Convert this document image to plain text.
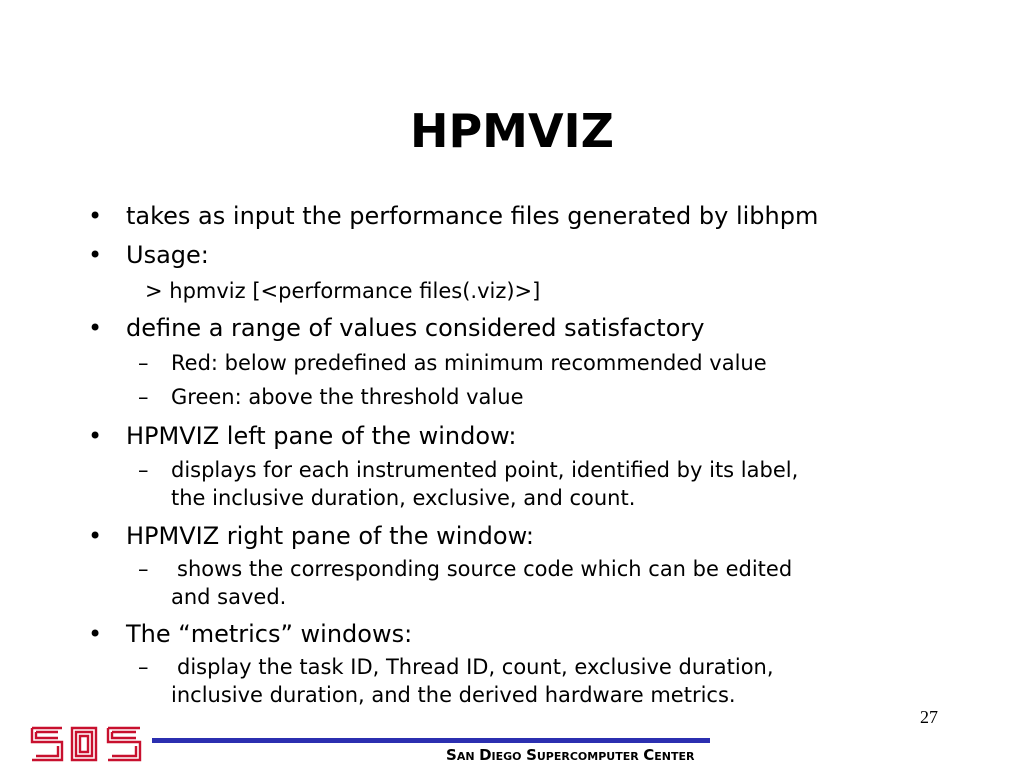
HPMVIZ
• takes as input the performance files generated by libhpm
• Usage:
> hpmviz [<performance files(.viz)>]
• define a range of values considered satisfactory
– Red: below predefined as minimum recommended value
– Green: above the threshold value
• HPMVIZ left pane of the window:
– displays for each instrumented point, identified by its label,
the inclusive duration, exclusive, and count.
• HPMVIZ right pane of the window:
– shows the corresponding source code which can be edited
and saved.
• The “metrics” windows:
– display the task ID, Thread ID, count, exclusive duration,
inclusive duration, and the derived hardware metrics.
27
SAN DIEGO SUPERCOMPUTER CENTER
